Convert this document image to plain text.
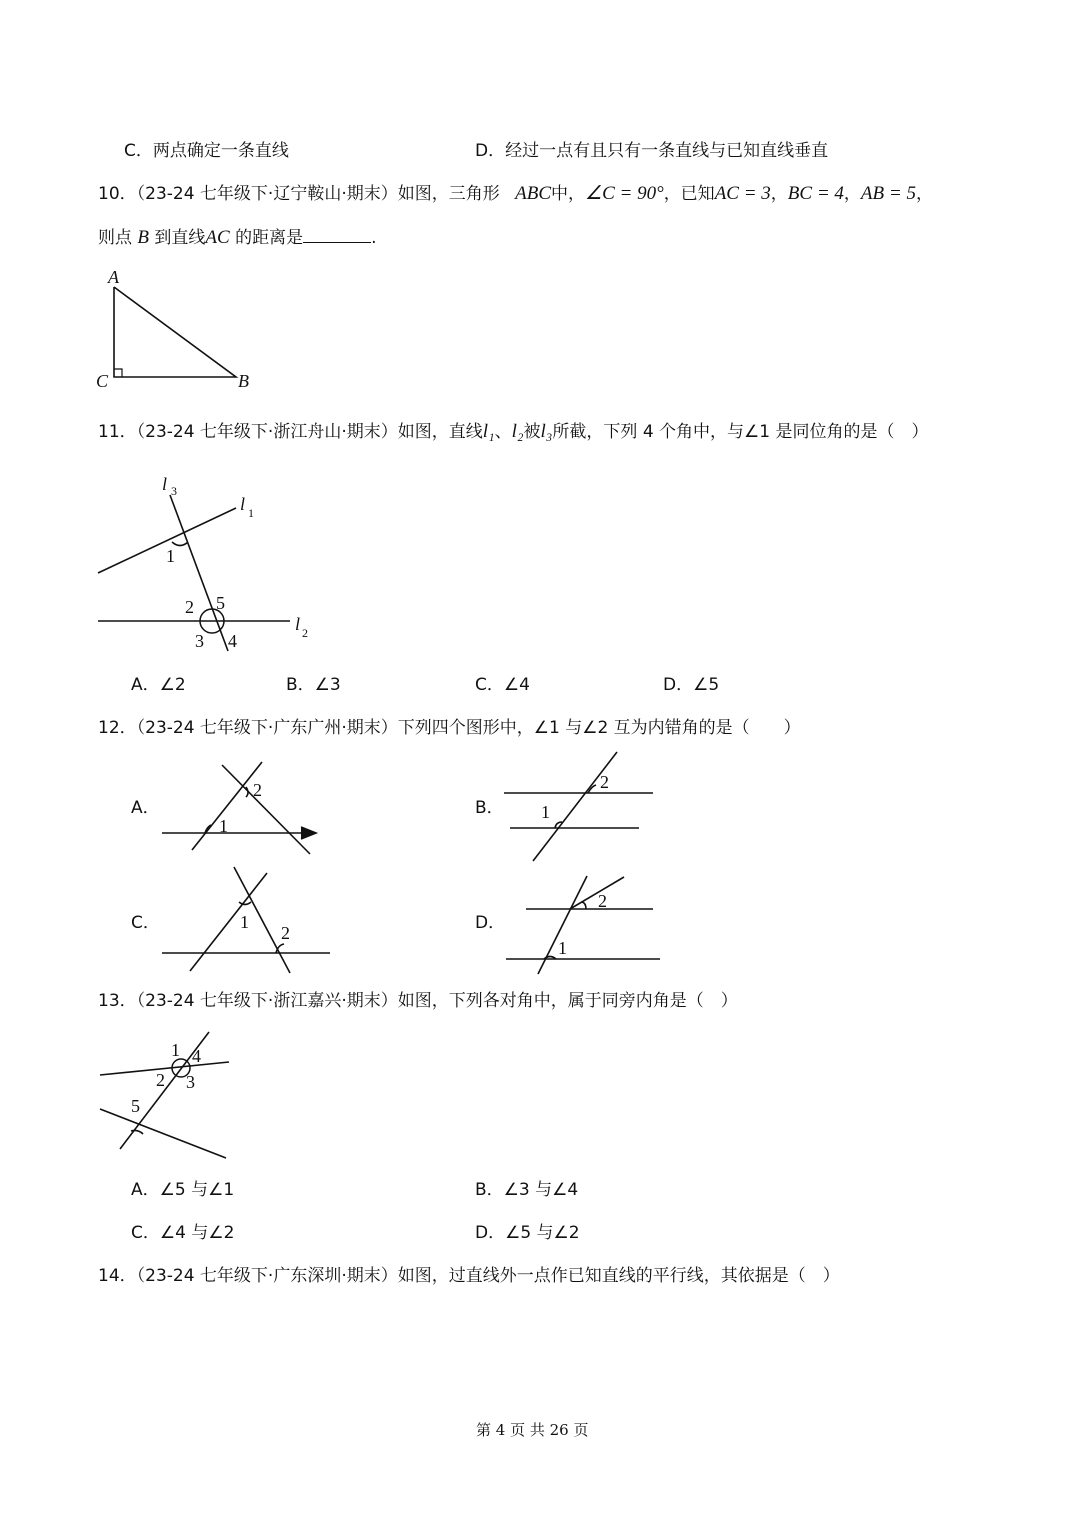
C．两点确定一条直线	D．经过一点有且只有一条直线与已知直线垂直
10．（23-24 七年级下·辽宁鞍山·期末）如图，三角形 ABC中，∠C = 90°，已知AC = 3，BC = 4，AB = 5，
则点 B 到直线AC 的距离是	.
A
C	B
11．（23-24 七年级下·浙江舟山·期末）如图，直线l₁、l₂被l₃所截，下列 4 个角中，与∠1 是同位角的是（　）
l 3
l 1
l 2
1
2 5
3 4
A．∠2	B．∠3	C．∠4	D．∠5
12．（23-24 七年级下·广东广州·期末）下列四个图形中，∠1 与∠2 互为内错角的是（　　）
A．
1
2
B．
2
1
C．	1
2	D．
2
1
13．（23-24 七年级下·浙江嘉兴·期末）如图，下列各对角中，属于同旁内角是（　）
1 4
2 3
5
A．∠5 与∠1	B．∠3 与∠4
C．∠4 与∠2	D．∠5 与∠2
14．（23-24 七年级下·广东深圳·期末）如图，过直线外一点作已知直线的平行线，其依据是（　）
第 4 页 共 26 页
